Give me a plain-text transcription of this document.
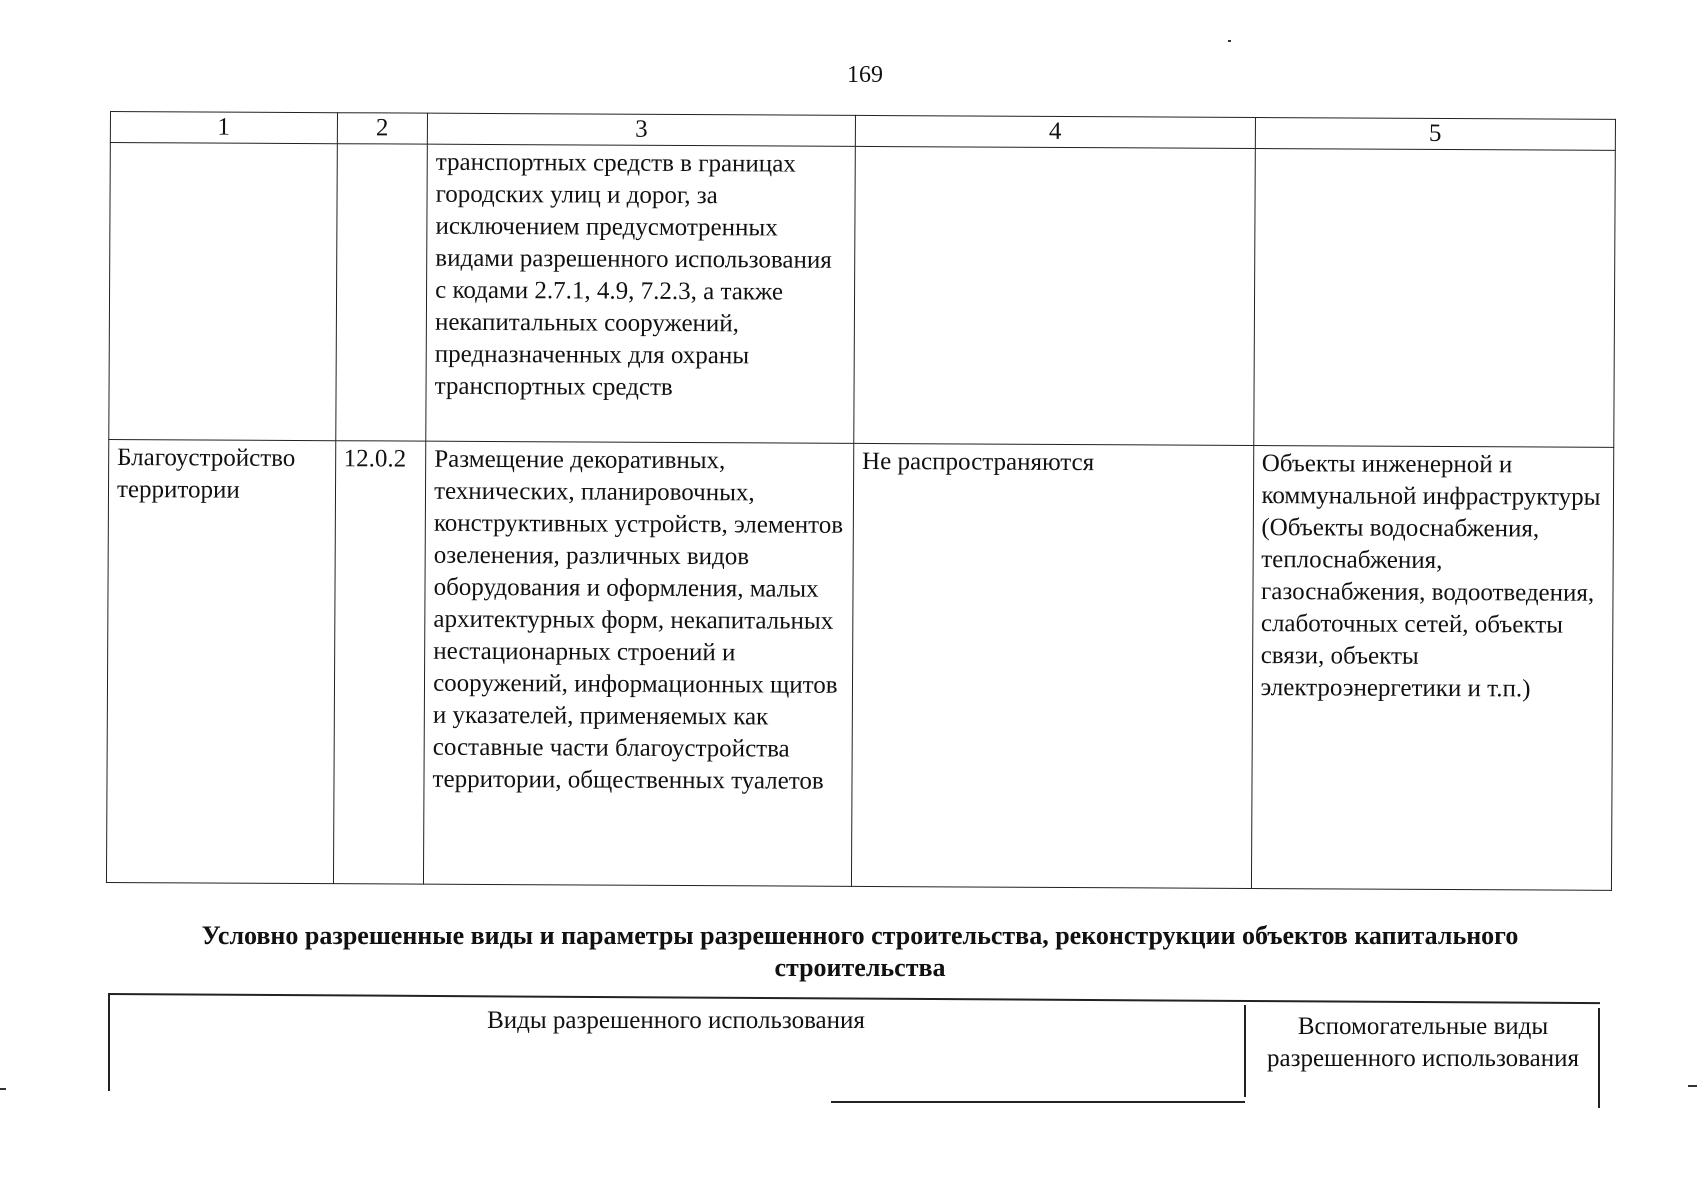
169
1	2	3	4	5
		транспортных средств в границах городских улиц и дорог, за исключением предусмотренных видами разрешенного использования с кодами 2.7.1, 4.9, 7.2.3, а также некапитальных сооружений, предназначенных для охраны транспортных средств		
Благоустройство территории	12.0.2	Размещение декоративных, технических, планировочных, конструктивных устройств, элементов озеленения, различных видов оборудования и оформления, малых архитектурных форм, некапитальных нестационарных строений и сооружений, информационных щитов и указателей, применяемых как составные части благоустройства территории, общественных туалетов	Не распространяются	Объекты инженерной и коммунальной инфраструктуры (Объекты водоснабжения, теплоснабжения, газоснабжения, водоотведения, слаботочных сетей, объекты связи, объекты электроэнергетики и т.п.)
Условно разрешенные виды и параметры разрешенного строительства, реконструкции объектов капитального строительства
Виды разрешенного использования	Вспомогательные виды разрешенного использования
